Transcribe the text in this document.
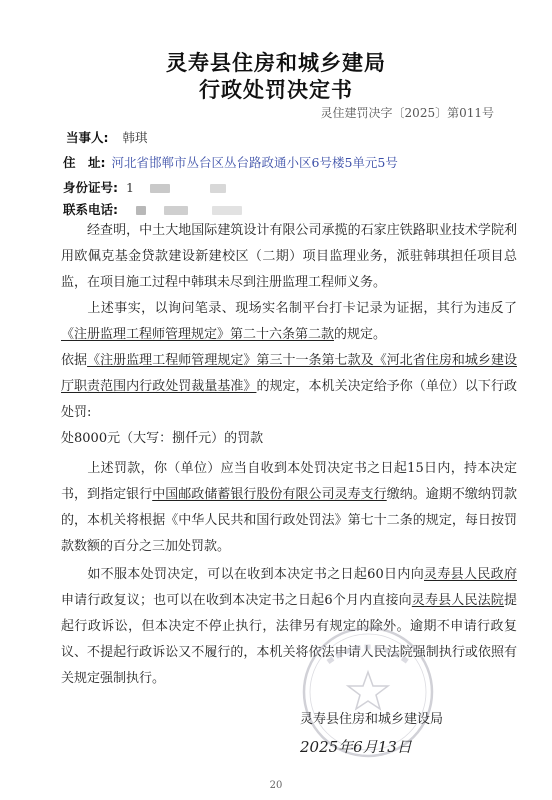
灵寿县住房和城乡建局
行政处罚决定书
灵住建罚决字〔2025〕第011号
当事人: 韩琪
住　址: 河北省邯郸市丛台区丛台路政通小区6号楼5单元5号
身份证号: 1
联系电话:
经查明，中土大地国际建筑设计有限公司承揽的石家庄铁路职业技术学院利用欧佩克基金贷款建设新建校区（二期）项目监理业务，派驻韩琪担任项目总监，在项目施工过程中韩琪未尽到注册监理工程师义务。
上述事实，以询问笔录、现场实名制平台打卡记录为证据，其行为违反了《注册监理工程师管理规定》第二十六条第二款的规定。
依据《注册监理工程师管理规定》第三十一条第七款及《河北省住房和城乡建设厅职责范围内行政处罚裁量基准》的规定，本机关决定给予你（单位）以下行政处罚:
处8000元（大写：捌仟元）的罚款
上述罚款，你（单位）应当自收到本处罚决定书之日起15日内，持本决定书，到指定银行中国邮政储蓄银行股份有限公司灵寿支行缴纳。逾期不缴纳罚款的，本机关将根据《中华人民共和国行政处罚法》第七十二条的规定，每日按罚款数额的百分之三加处罚款。
如不服本处罚决定，可以在收到本决定书之日起60日内向灵寿县人民政府申请行政复议；也可以在收到本决定书之日起6个月内直接向灵寿县人民法院提起行政诉讼，但本决定不停止执行，法律另有规定的除外。逾期不申请行政复议、不提起行政诉讼又不履行的，本机关将依法申请人民法院强制执行或依照有关规定强制执行。
灵寿县住房和城乡建设局
2025年6月13日
20
